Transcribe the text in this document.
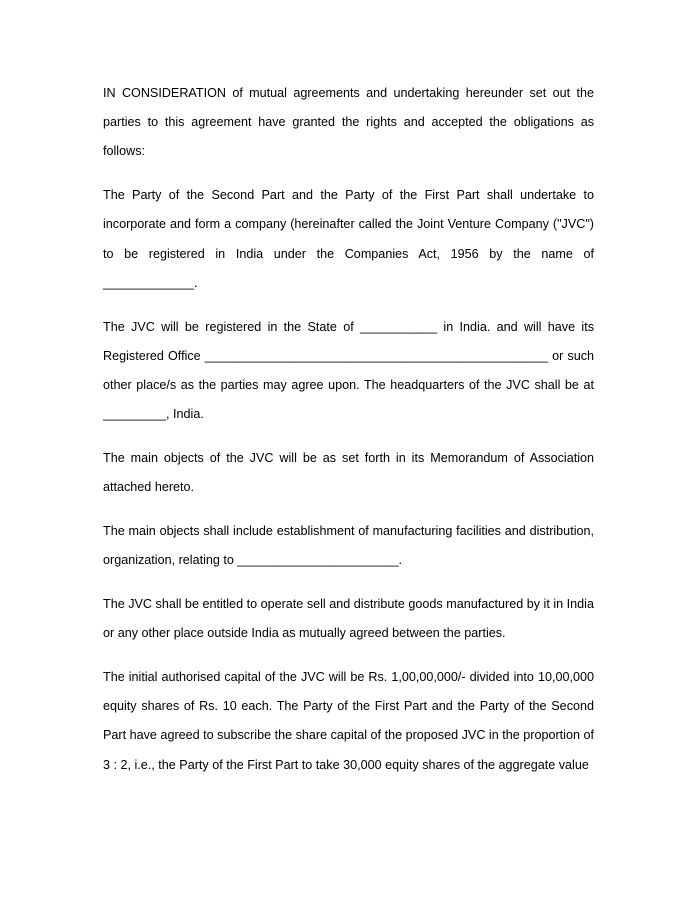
IN CONSIDERATION of mutual agreements and undertaking hereunder set out the parties to this agreement have granted the rights and accepted the obligations as follows:

The Party of the Second Part and the Party of the First Part shall undertake to incorporate and form a company (hereinafter called the Joint Venture Company ("JVC") to be registered in India under the Companies Act, 1956 by the name of _____________.

The JVC will be registered in the State of ___________ in India. and will have its Registered Office _________________________________________________ or such other place/s as the parties may agree upon. The headquarters of the JVC shall be at _________, India.

The main objects of the JVC will be as set forth in its Memorandum of Association attached hereto.

The main objects shall include establishment of manufacturing facilities and distribution, organization, relating to _______________________.

The JVC shall be entitled to operate sell and distribute goods manufactured by it in India or any other place outside India as mutually agreed between the parties.

The initial authorised capital of the JVC will be Rs. 1,00,00,000/- divided into 10,00,000 equity shares of Rs. 10 each. The Party of the First Part and the Party of the Second Part have agreed to subscribe the share capital of the proposed JVC in the proportion of 3 : 2, i.e., the Party of the First Part to take 30,000 equity shares of the aggregate value
